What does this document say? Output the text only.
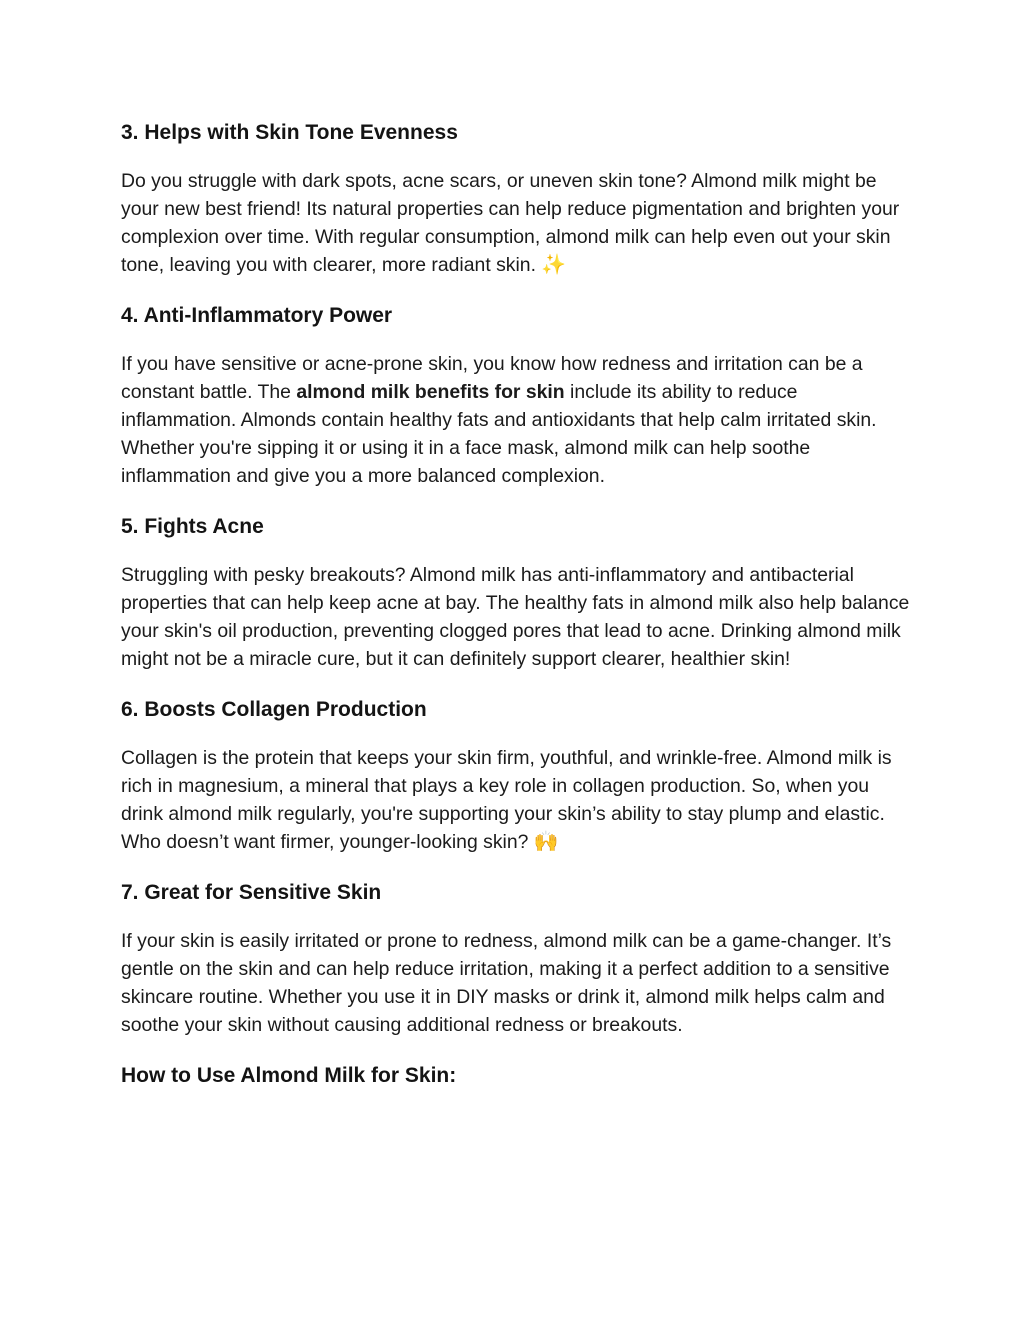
3. Helps with Skin Tone Evenness

Do you struggle with dark spots, acne scars, or uneven skin tone? Almond milk might be your new best friend! Its natural properties can help reduce pigmentation and brighten your complexion over time. With regular consumption, almond milk can help even out your skin tone, leaving you with clearer, more radiant skin. ✨

4. Anti-Inflammatory Power

If you have sensitive or acne-prone skin, you know how redness and irritation can be a constant battle. The almond milk benefits for skin include its ability to reduce inflammation. Almonds contain healthy fats and antioxidants that help calm irritated skin. Whether you're sipping it or using it in a face mask, almond milk can help soothe inflammation and give you a more balanced complexion.

5. Fights Acne

Struggling with pesky breakouts? Almond milk has anti-inflammatory and antibacterial properties that can help keep acne at bay. The healthy fats in almond milk also help balance your skin's oil production, preventing clogged pores that lead to acne. Drinking almond milk might not be a miracle cure, but it can definitely support clearer, healthier skin!

6. Boosts Collagen Production

Collagen is the protein that keeps your skin firm, youthful, and wrinkle-free. Almond milk is rich in magnesium, a mineral that plays a key role in collagen production. So, when you drink almond milk regularly, you're supporting your skin’s ability to stay plump and elastic. Who doesn’t want firmer, younger-looking skin? 🙌

7. Great for Sensitive Skin

If your skin is easily irritated or prone to redness, almond milk can be a game-changer. It’s gentle on the skin and can help reduce irritation, making it a perfect addition to a sensitive skincare routine. Whether you use it in DIY masks or drink it, almond milk helps calm and soothe your skin without causing additional redness or breakouts.

How to Use Almond Milk for Skin:
